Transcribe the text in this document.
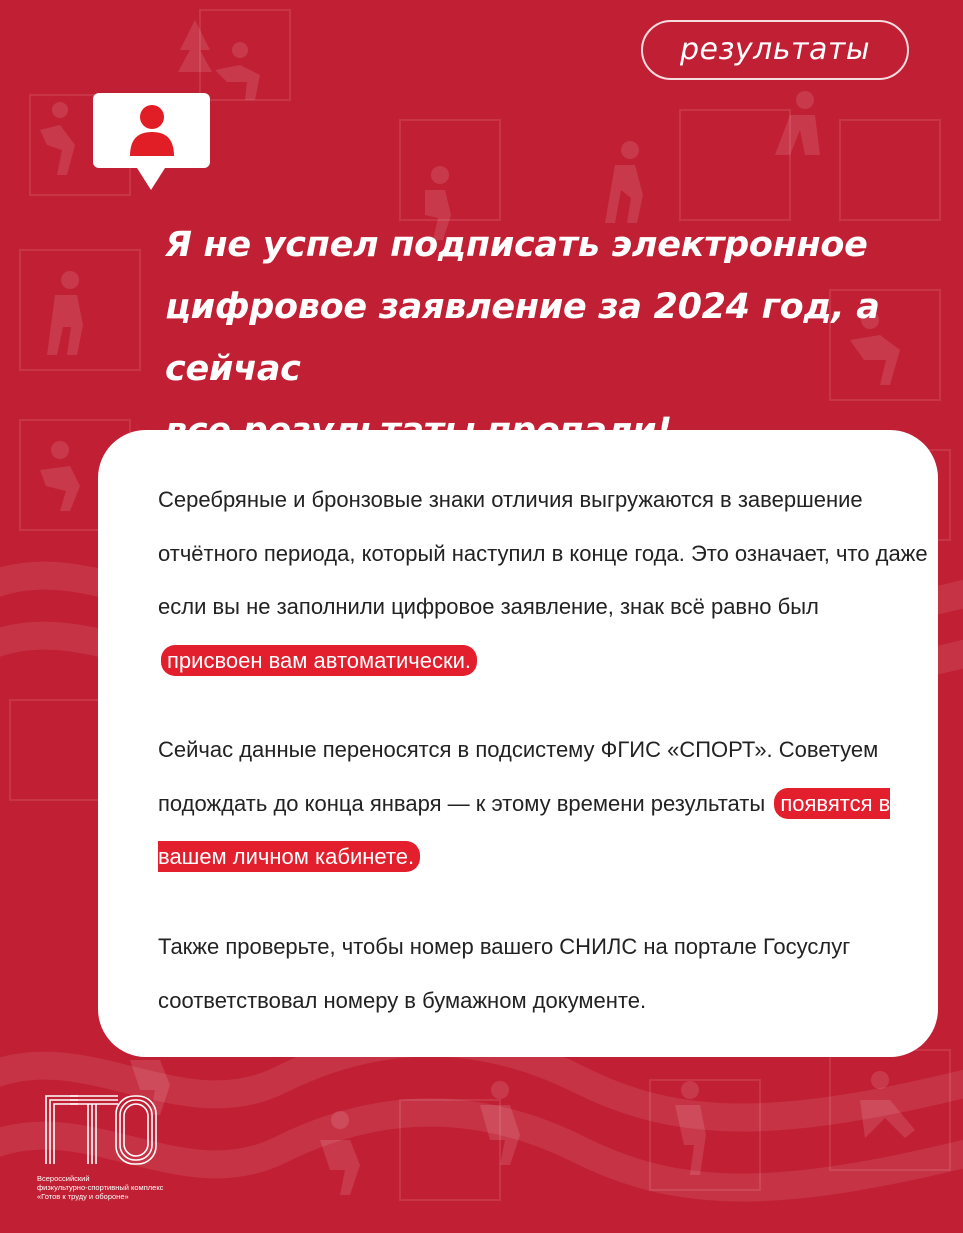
результаты
Я не успел подписать электронное
цифровое заявление за 2024 год, а сейчас

Серебряные и бронзовые знаки отличия выгружаются в завершение отчётного периода, который наступил в конце года. Это означает, что даже если вы не заполнили цифровое заявление, знак всё равно был присвоен вам автоматически.

Сейчас данные переносятся в подсистему ФГИС «СПОРТ». Советуем подождать до конца января — к этому времени результаты появятся в вашем личном кабинете.

Также проверьте, чтобы номер вашего СНИЛС на портале Госуслуг соответствовал номеру в бумажном документе.

Всероссийский
физкультурно-спортивный комплекс
«Готов к труду и обороне»
